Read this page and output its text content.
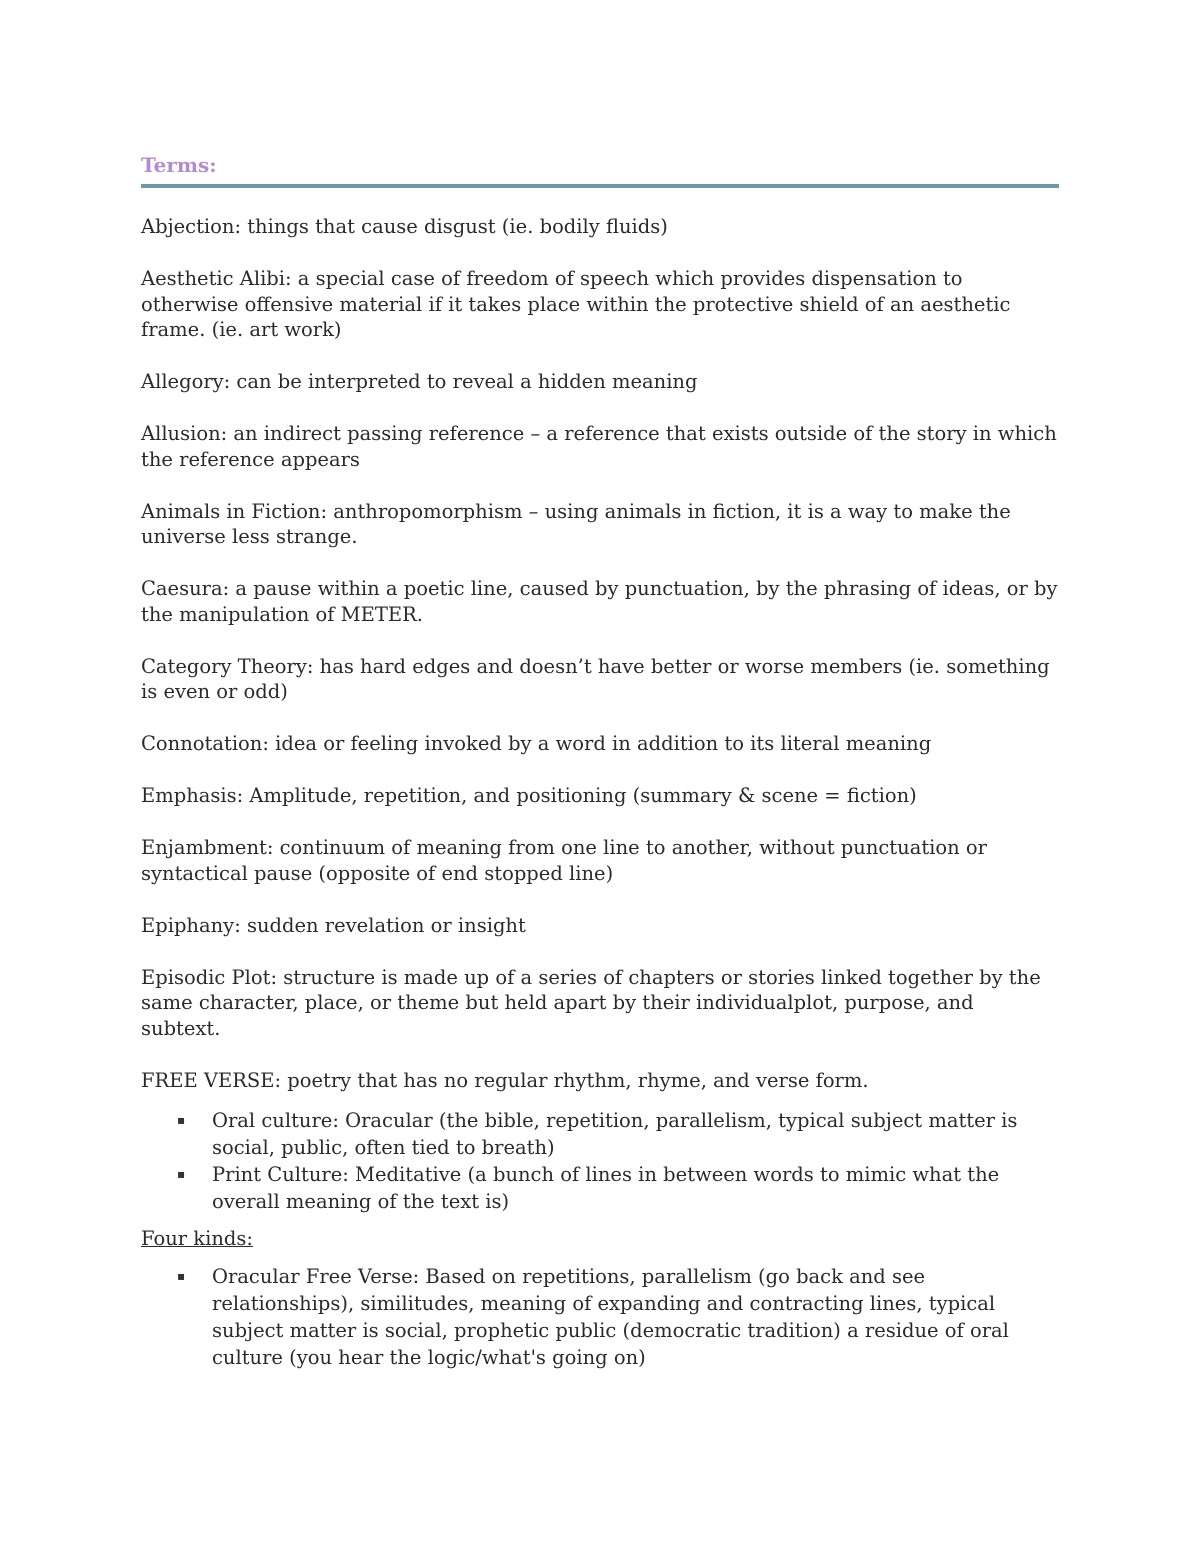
Terms:

Abjection: things that cause disgust (ie. bodily fluids)

Aesthetic Alibi: a special case of freedom of speech which provides dispensation to otherwise offensive material if it takes place within the protective shield of an aesthetic frame. (ie. art work)

Allegory: can be interpreted to reveal a hidden meaning

Allusion: an indirect passing reference – a reference that exists outside of the story in which the reference appears

Animals in Fiction: anthropomorphism – using animals in fiction, it is a way to make the universe less strange.

Caesura: a pause within a poetic line, caused by punctuation, by the phrasing of ideas, or by the manipulation of METER.

Category Theory: has hard edges and doesn’t have better or worse members (ie. something is even or odd)

Connotation: idea or feeling invoked by a word in addition to its literal meaning

Emphasis: Amplitude, repetition, and positioning (summary & scene = fiction)

Enjambment: continuum of meaning from one line to another, without punctuation or syntactical pause (opposite of end stopped line)

Epiphany: sudden revelation or insight

Episodic Plot: structure is made up of a series of chapters or stories linked together by the same character, place, or theme but held apart by their individualplot, purpose, and subtext.

FREE VERSE: poetry that has no regular rhythm, rhyme, and verse form.

▪ Oral culture: Oracular (the bible, repetition, parallelism, typical subject matter is social, public, often tied to breath)
▪ Print Culture: Meditative (a bunch of lines in between words to mimic what the overall meaning of the text is)

Four kinds:

▪ Oracular Free Verse: Based on repetitions, parallelism (go back and see relationships), similitudes, meaning of expanding and contracting lines, typical subject matter is social, prophetic public (democratic tradition) a residue of oral culture (you hear the logic/what's going on)
